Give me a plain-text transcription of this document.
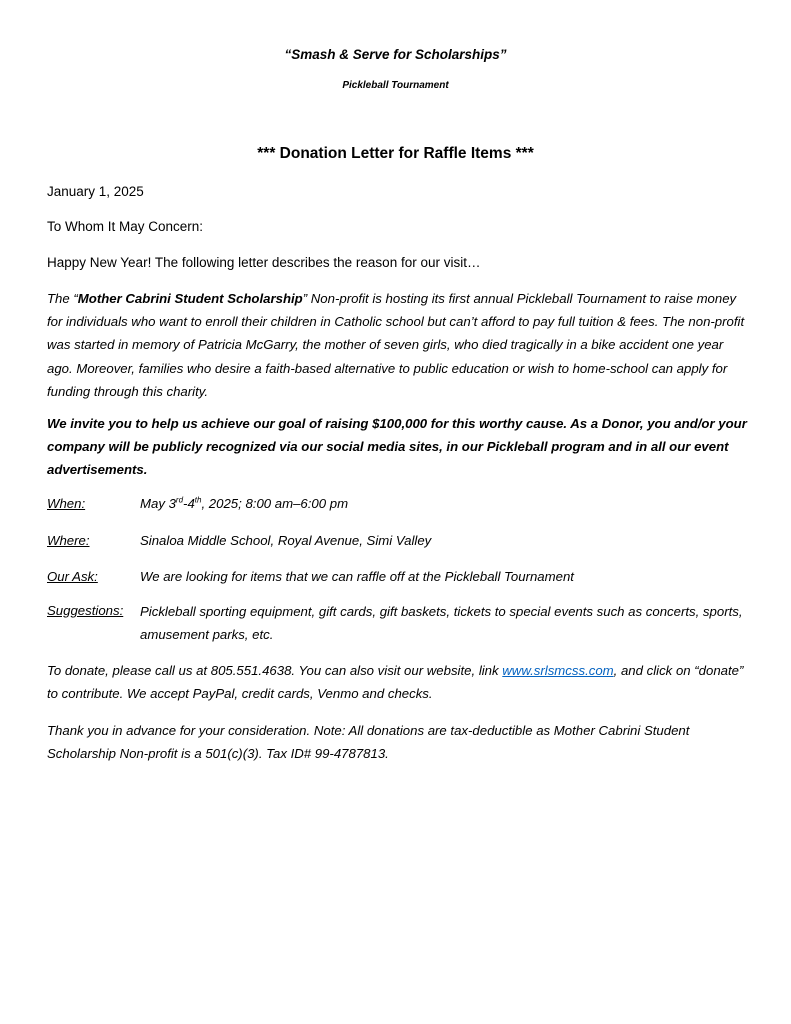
“Smash & Serve for Scholarships”
Pickleball Tournament
*** Donation Letter for Raffle Items ***
January 1, 2025
To Whom It May Concern:
Happy New Year! The following letter describes the reason for our visit…
The “Mother Cabrini Student Scholarship” Non-profit is hosting its first annual Pickleball Tournament to raise money for individuals who want to enroll their children in Catholic school but can’t afford to pay full tuition & fees. The non-profit was started in memory of Patricia McGarry, the mother of seven girls, who died tragically in a bike accident one year ago. Moreover, families who desire a faith-based alternative to public education or wish to home-school can apply for funding through this charity.
We invite you to help us achieve our goal of raising $100,000 for this worthy cause. As a Donor, you and/or your company will be publicly recognized via our social media sites, in our Pickleball program and in all our event advertisements.
When:	May 3rd-4th, 2025; 8:00 am–6:00 pm
Where:	Sinaloa Middle School, Royal Avenue, Simi Valley
Our Ask:	We are looking for items that we can raffle off at the Pickleball Tournament
Suggestions: Pickleball sporting equipment, gift cards, gift baskets, tickets to special events such as concerts, sports, amusement parks, etc.
To donate, please call us at 805.551.4638. You can also visit our website, link www.srlsmcss.com, and click on “donate” to contribute. We accept PayPal, credit cards, Venmo and checks.
Thank you in advance for your consideration. Note: All donations are tax-deductible as Mother Cabrini Student Scholarship Non-profit is a 501(c)(3). Tax ID# 99-4787813.
